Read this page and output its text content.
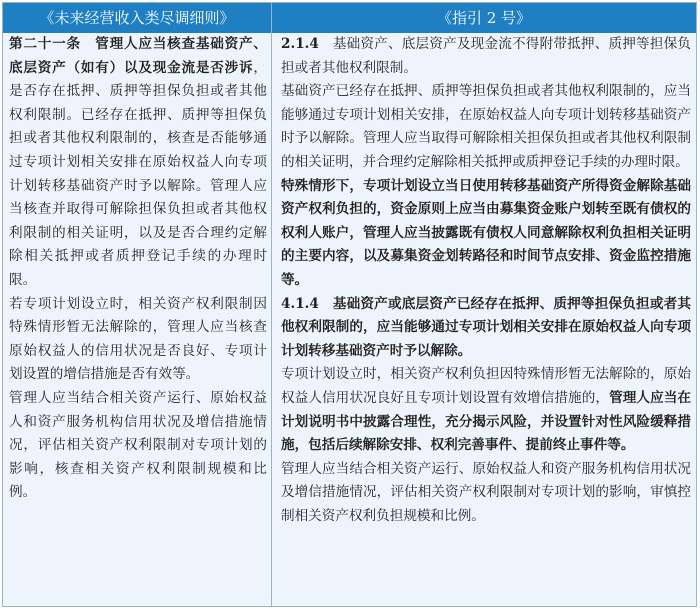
《未来经营收入类尽调细则》	《指引 2 号》

第二十一条　管理人应当核查基础资产、底层资产（如有）以及现金流是否涉诉，是否存在抵押、质押等担保负担或者其他权利限制。已经存在抵押、质押等担保负担或者其他权利限制的，核查是否能够通过专项计划相关安排在原始权益人向专项计划转移基础资产时予以解除。管理人应当核查并取得可解除担保负担或者其他权利限制的相关证明，以及是否合理约定解除相关抵押或者质押登记手续的办理时限。

若专项计划设立时，相关资产权利限制因特殊情形暂无法解除的，管理人应当核查原始权益人的信用状况是否良好、专项计划设置的增信措施是否有效等。

管理人应当结合相关资产运行、原始权益人和资产服务机构信用状况及增信措施情况，评估相关资产权利限制对专项计划的影响，核查相关资产权利限制规模和比例。

2.1.4　基础资产、底层资产及现金流不得附带抵押、质押等担保负担或者其他权利限制。

基础资产已经存在抵押、质押等担保负担或者其他权利限制的，应当能够通过专项计划相关安排，在原始权益人向专项计划转移基础资产时予以解除。管理人应当取得可解除相关担保负担或者其他权利限制的相关证明，并合理约定解除相关抵押或质押登记手续的办理时限。

特殊情形下，专项计划设立当日使用转移基础资产所得资金解除基础资产权利负担的，资金原则上应当由募集资金账户划转至既有债权的权利人账户，管理人应当披露既有债权人同意解除权利负担相关证明的主要内容，以及募集资金划转路径和时间节点安排、资金监控措施等。

4.1.4　基础资产或底层资产已经存在抵押、质押等担保负担或者其他权利限制的，应当能够通过专项计划相关安排在原始权益人向专项计划转移基础资产时予以解除。

专项计划设立时，相关资产权利负担因特殊情形暂无法解除的，原始权益人信用状况良好且专项计划设置有效增信措施的，管理人应当在计划说明书中披露合理性，充分揭示风险，并设置针对性风险缓释措施，包括后续解除安排、权利完善事件、提前终止事件等。

管理人应当结合相关资产运行、原始权益人和资产服务机构信用状况及增信措施情况，评估相关资产权利限制对专项计划的影响，审慎控制相关资产权利负担规模和比例。
